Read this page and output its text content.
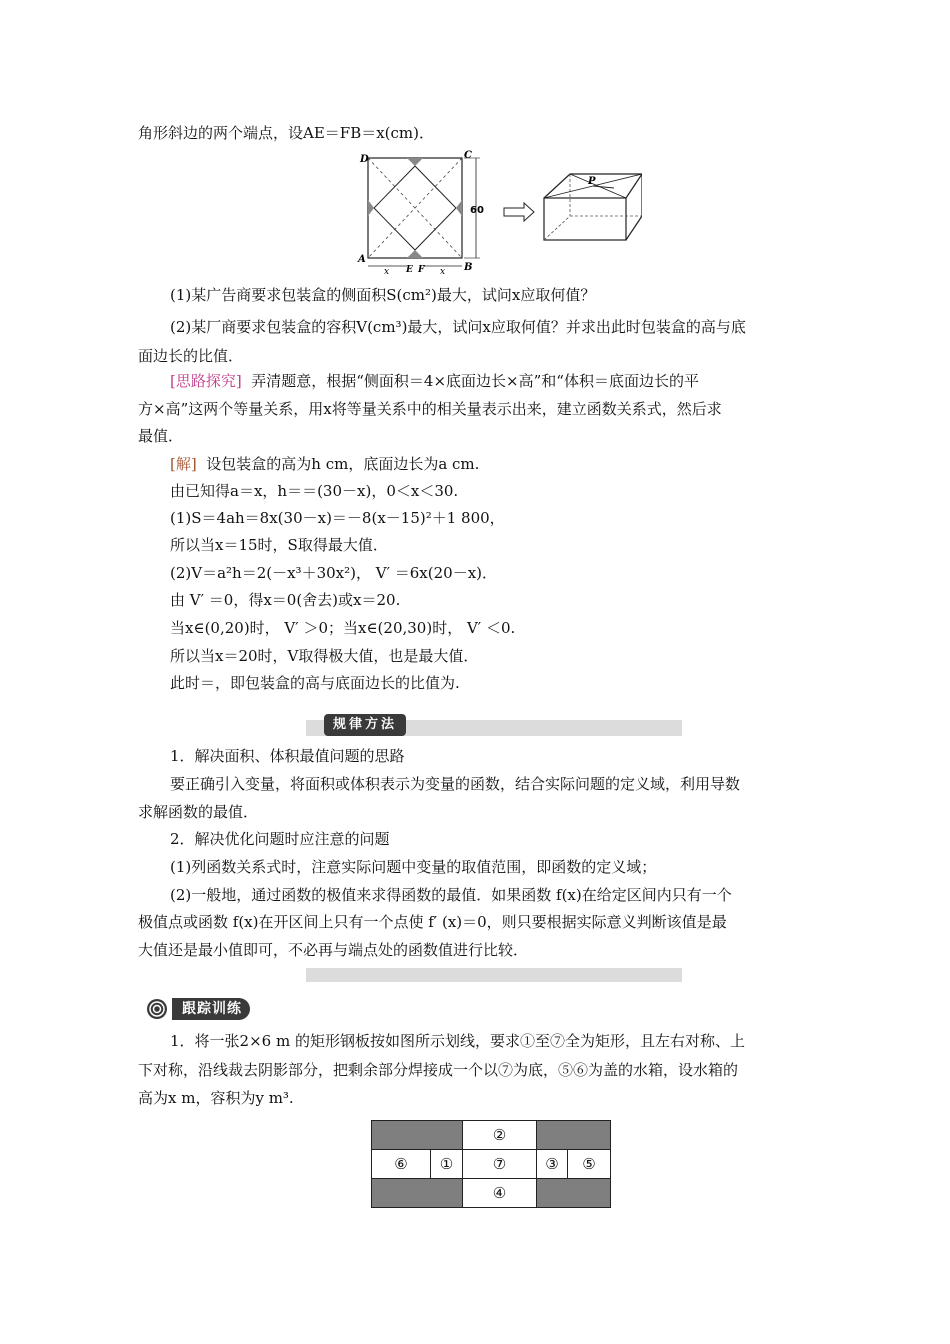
角形斜边的两个端点，设AE＝FB＝x(cm)．
60
x	x
D	C
A
B
E F
P
(1)某广告商要求包装盒的侧面积S(cm²)最大，试问x应取何值？
(2)某厂商要求包装盒的容积V(cm³)最大，试问x应取何值？并求出此时包装盒的高与底
面边长的比值．
[思路探究] 弄清题意，根据“侧面积＝4×底面边长×高”和“体积＝底面边长的平
方×高”这两个等量关系，用x将等量关系中的相关量表示出来，建立函数关系式，然后求
最值．
[解] 设包装盒的高为h cm，底面边长为a cm.
由已知得a＝x，h＝＝(30－x)，0＜x＜30.
(1)S＝4ah＝8x(30－x)＝－8(x－15)²＋1 800，
所以当x＝15时，S取得最大值．
(2)V＝a²h＝2(－x³＋30x²)， V′ ＝6x(20－x)．
由 V′ ＝0，得x＝0(舍去)或x＝20.
当x∈(0,20)时， V′ ＞0；当x∈(20,30)时， V′ ＜0.
所以当x＝20时，V取得极大值，也是最大值．
此时＝，即包装盒的高与底面边长的比值为.
规律方法
1．解决面积、体积最值问题的思路
要正确引入变量，将面积或体积表示为变量的函数，结合实际问题的定义域，利用导数
求解函数的最值．
2．解决优化问题时应注意的问题
(1)列函数关系式时，注意实际问题中变量的取值范围，即函数的定义域；
(2)一般地，通过函数的极值来求得函数的最值．如果函数 f(x)在给定区间内只有一个
极值点或函数 f(x)在开区间上只有一个点使 f′ (x)＝0，则只要根据实际意义判断该值是最
大值还是最小值即可，不必再与端点处的函数值进行比较．
跟踪训练
1．将一张2×6 m 的矩形钢板按如图所示划线，要求①至⑦全为矩形，且左右对称、上
下对称，沿线裁去阴影部分，把剩余部分焊接成一个以⑦为底，⑤⑥为盖的水箱，设水箱的
高为x m，容积为y m³.
		②		
⑥	①	⑦	③	⑤
		④		
